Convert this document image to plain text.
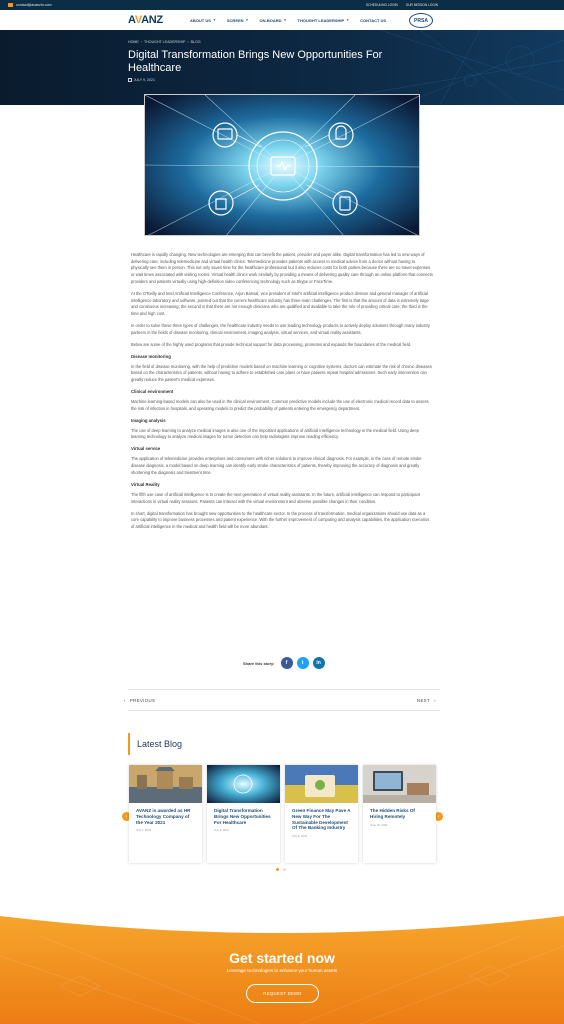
contact@avanzhr.com	SCHEDULING LOGIN	OUR MISSION LOGIN
AVANZ	ABOUT US ▼	SCREEN ▼	ON-BOARD ▼	THOUGHT LEADERSHIP ▼	CONTACT US	PRSA
HOME › THOUGHT LEADERSHIP › BLOG
Digital Transformation Brings New Opportunities For Healthcare
JULY 9, 2021

Healthcare is rapidly changing. New technologies are emerging that can benefit the patient, provider and payer alike. Digital transformation has led to new ways of delivering care, including telemedicine and virtual health clinics. Telemedicine provides patients with access to medical advice from a doctor without having to physically see them in person. This not only saves time for the healthcare professional but it also reduces costs for both parties because there are no travel expenses or wait times associated with visiting rooms. Virtual health clinics work similarly by providing a means of delivering quality care through an online platform that connects providers and patients virtually using high-definition video conferencing technology such as Skype or FaceTime.

At the O'Reilly and Intel Artificial Intelligence Conference, Arjun Bansal, vice president of Intel's artificial intelligence product division and general manager of artificial intelligence laboratory and software, pointed out that the current healthcare industry has three main challenges. The first is that the amount of data is extremely large and continuous increasing; the second is that there are not enough clinicians who are qualified and available to take the role of providing critical care; the third is the time and high cost.

In order to solve these three types of challenges, the healthcare industry needs to use leading technology products to actively deploy solutions through many industry partners in the fields of disease monitoring, clinical environment, imaging analysis, virtual services, and virtual reality assistants.

Below are some of the highly used programs that provide technical support for data processing, promotes and expands the boundaries of the medical field.

Disease monitoring

In the field of disease monitoring, with the help of predictive models based on machine learning or cognitive systems, doctors can estimate the risk of chronic diseases based on the characteristics of patients, without having to adhere to established care plans or have patients repeat hospital admissions. Such early intervention can greatly reduce the patient's medical expenses.

Clinical environment

Machine learning-based models can also be used in the clinical environment. Common predictive models include the use of electronic medical record data to assess the risk of infection in hospitals, and operating models to predict the probability of patients entering the emergency department.

Imaging analysis

The use of deep learning to analyze medical images is also one of the important applications of artificial intelligence technology in the medical field. Using deep learning technology to analyze medical images for tumor detection can help radiologists improve reading efficiency.

Virtual service

The application of telemedicine provides enterprises and consumers with richer solutions to improve clinical diagnosis. For example, in the case of remote stroke disease diagnosis, a model based on deep learning can identify early stroke characteristics of patients, thereby improving the accuracy of diagnosis and greatly shortening the diagnosis and treatment time.

Virtual Reality

The fifth use case of artificial intelligence is to create the next generation of virtual reality assistants. In the future, artificial intelligence can respond to participant interactions in virtual reality sessions. Patients can interact with the virtual environment and observe possible changes in their condition.

In short, digital transformation has brought new opportunities to the healthcare sector. In the process of transformation, medical organizations should use data as a core capability to improve business processes and patient experience. With the further improvement of computing and analysis capabilities, the application scenarios of artificial intelligence in the medical and health field will be more abundant.

Share this story:	f	t	in
‹ PREVIOUS	NEXT ›
Latest Blog
‹	›
AVANZ is awarded as HR Technology Company of the Year 2021
July 2, 2021
Digital Transformation Brings New Opportunities For Healthcare
July 9, 2021
Green Finance May Pave A New Way For The Sustainable Development Of The Banking Industry
July 9, 2021
The Hidden Risks Of Hiring Remotely
June 30, 2021
Get started now
Leverage technologies to enhance your human assets
REQUEST DEMO
